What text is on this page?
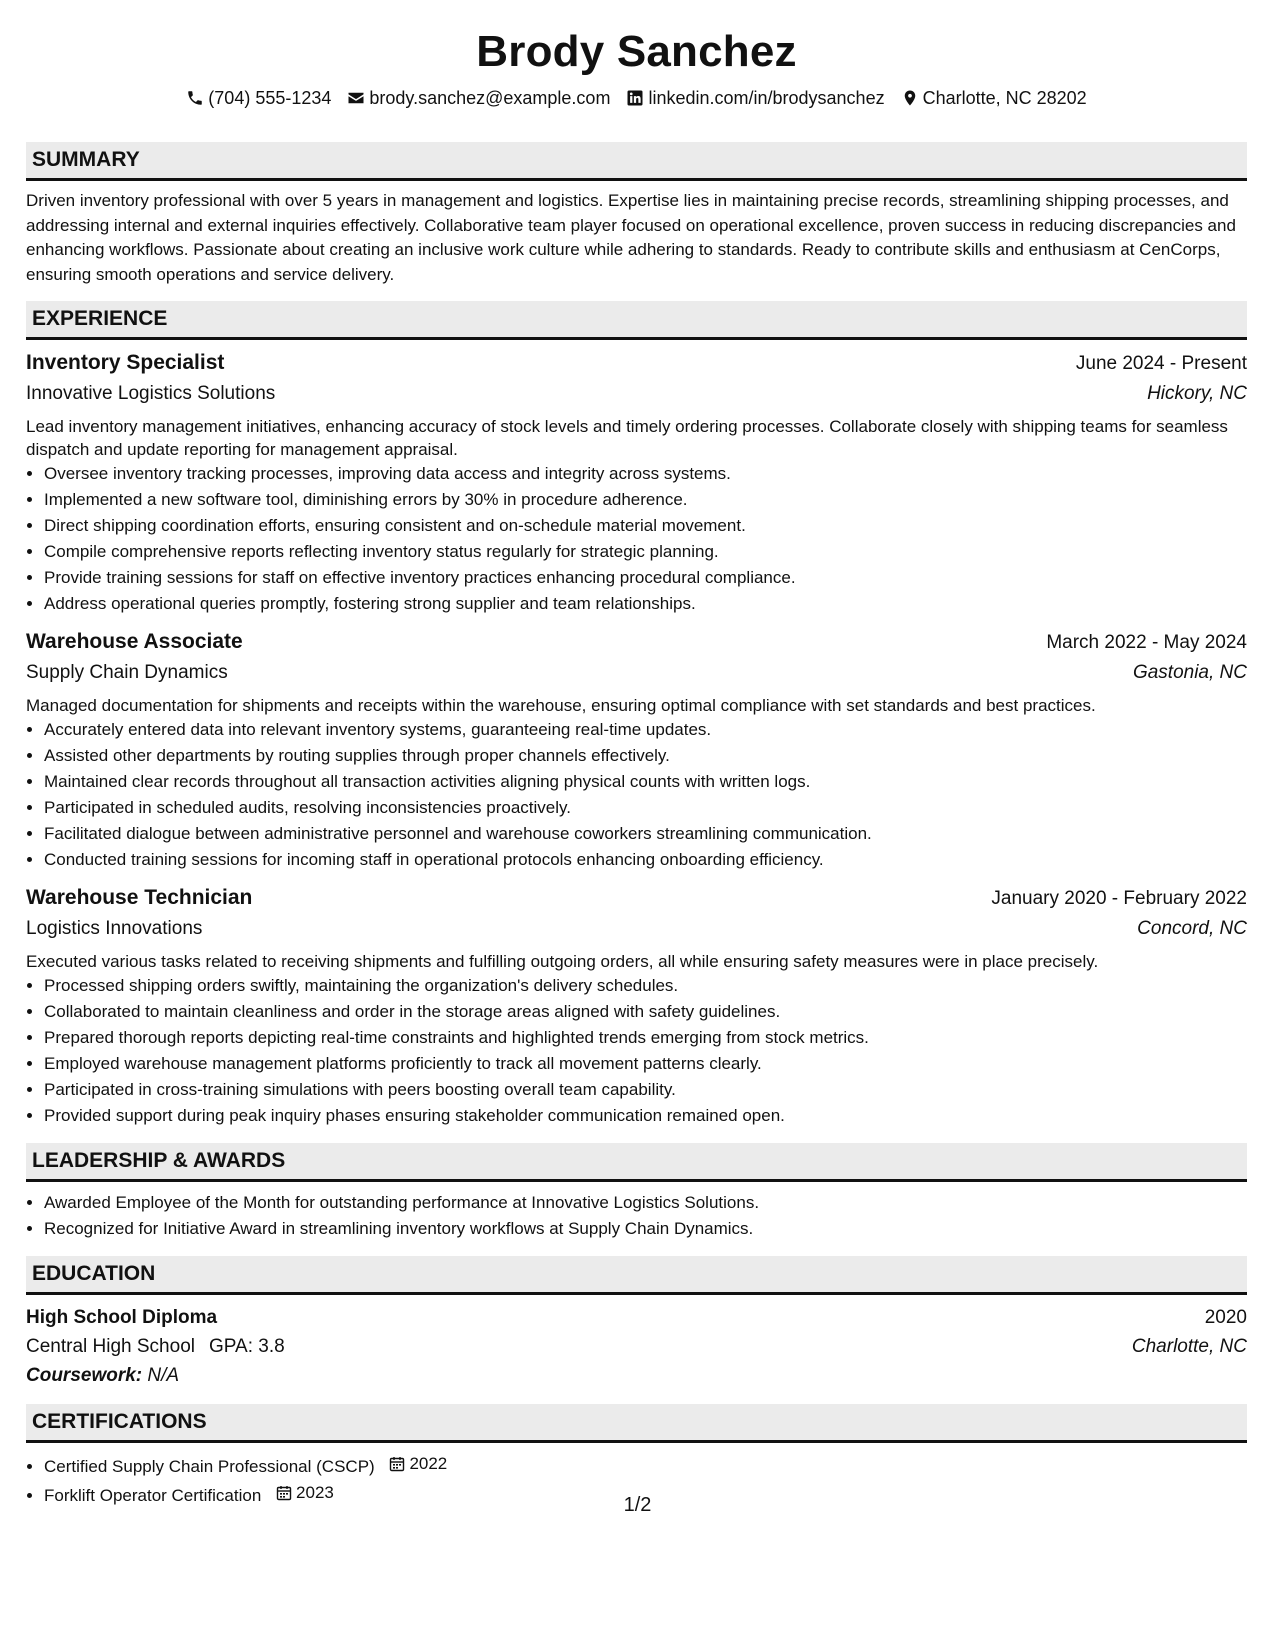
Brody Sanchez
(704) 555-1234 brody.sanchez@example.com linkedin.com/in/brodysanchez Charlotte, NC 28202
SUMMARY

Driven inventory professional with over 5 years in management and logistics. Expertise lies in maintaining precise records, streamlining shipping processes, and addressing internal and external inquiries effectively. Collaborative team player focused on operational excellence, proven success in reducing discrepancies and enhancing workflows. Passionate about creating an inclusive work culture while adhering to standards. Ready to contribute skills and enthusiasm at CenCorps, ensuring smooth operations and service delivery.

EXPERIENCE
Inventory Specialist	June 2024 - Present
Innovative Logistics Solutions	Hickory, NC
Lead inventory management initiatives, enhancing accuracy of stock levels and timely ordering processes. Collaborate closely with shipping teams for seamless dispatch and update reporting for management appraisal.
• Oversee inventory tracking processes, improving data access and integrity across systems.
• Implemented a new software tool, diminishing errors by 30% in procedure adherence.
• Direct shipping coordination efforts, ensuring consistent and on-schedule material movement.
• Compile comprehensive reports reflecting inventory status regularly for strategic planning.
• Provide training sessions for staff on effective inventory practices enhancing procedural compliance.
• Address operational queries promptly, fostering strong supplier and team relationships.
Warehouse Associate	March 2022 - May 2024
Supply Chain Dynamics	Gastonia, NC
Managed documentation for shipments and receipts within the warehouse, ensuring optimal compliance with set standards and best practices.
• Accurately entered data into relevant inventory systems, guaranteeing real-time updates.
• Assisted other departments by routing supplies through proper channels effectively.
• Maintained clear records throughout all transaction activities aligning physical counts with written logs.
• Participated in scheduled audits, resolving inconsistencies proactively.
• Facilitated dialogue between administrative personnel and warehouse coworkers streamlining communication.
• Conducted training sessions for incoming staff in operational protocols enhancing onboarding efficiency.
Warehouse Technician	January 2020 - February 2022
Logistics Innovations	Concord, NC
Executed various tasks related to receiving shipments and fulfilling outgoing orders, all while ensuring safety measures were in place precisely.
• Processed shipping orders swiftly, maintaining the organization's delivery schedules.
• Collaborated to maintain cleanliness and order in the storage areas aligned with safety guidelines.
• Prepared thorough reports depicting real-time constraints and highlighted trends emerging from stock metrics.
• Employed warehouse management platforms proficiently to track all movement patterns clearly.
• Participated in cross-training simulations with peers boosting overall team capability.
• Provided support during peak inquiry phases ensuring stakeholder communication remained open.
LEADERSHIP & AWARDS
• Awarded Employee of the Month for outstanding performance at Innovative Logistics Solutions.
• Recognized for Initiative Award in streamlining inventory workflows at Supply Chain Dynamics.
EDUCATION
High School Diploma	2020
Central High School GPA: 3.8	Charlotte, NC
Coursework: N/A
CERTIFICATIONS
• Certified Supply Chain Professional (CSCP) 2022
• Forklift Operator Certification 2023
1/2
